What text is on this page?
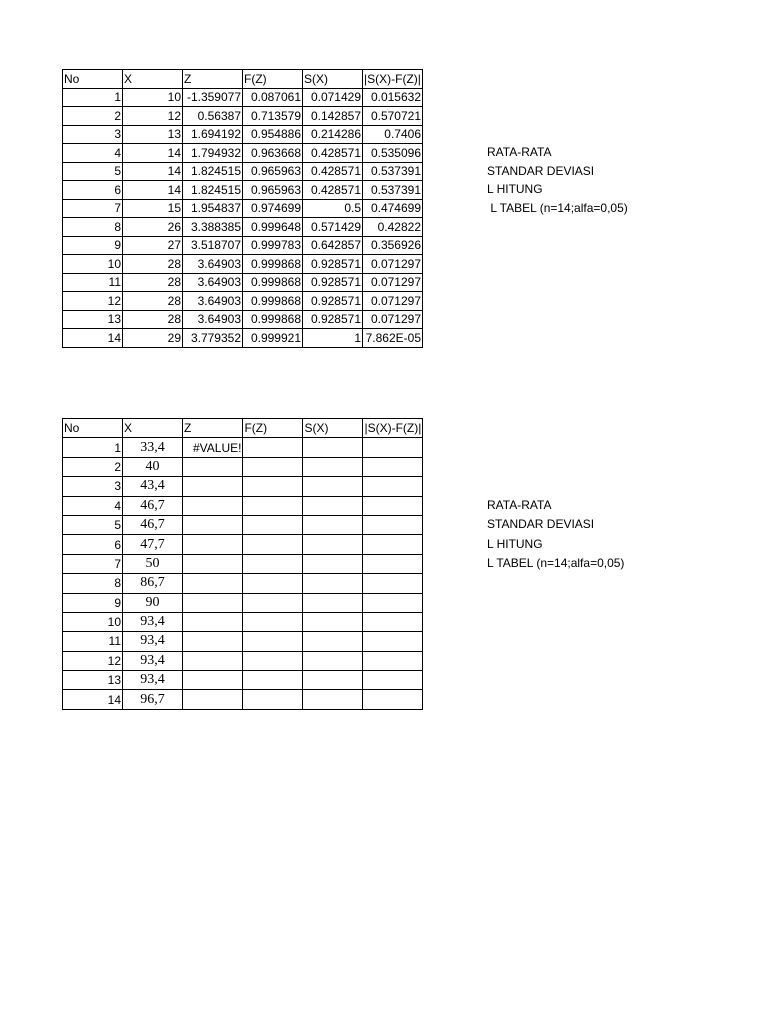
No	X	Z	F(Z)	S(X)	|S(X)-F(Z)|
1	10	-1.359077	0.087061	0.071429	0.015632
2	12	0.56387	0.713579	0.142857	0.570721
3	13	1.694192	0.954886	0.214286	0.7406
4	14	1.794932	0.963668	0.428571	0.535096
5	14	1.824515	0.965963	0.428571	0.537391
6	14	1.824515	0.965963	0.428571	0.537391
7	15	1.954837	0.974699	0.5	0.474699
8	26	3.388385	0.999648	0.571429	0.42822
9	27	3.518707	0.999783	0.642857	0.356926
10	28	3.64903	0.999868	0.928571	0.071297
11	28	3.64903	0.999868	0.928571	0.071297
12	28	3.64903	0.999868	0.928571	0.071297
13	28	3.64903	0.999868	0.928571	0.071297
14	29	3.779352	0.999921	1	7.862E-05
RATA-RATA
STANDAR DEVIASI
L HITUNG
L TABEL (n=14;alfa=0,05)
No	X	Z	F(Z)	S(X)	|S(X)-F(Z)|
1	33,4	#VALUE!			
2	40				
3	43,4				
4	46,7				
5	46,7				
6	47,7				
7	50				
8	86,7				
9	90				
10	93,4				
11	93,4				
12	93,4				
13	93,4				
14	96,7				
RATA-RATA
STANDAR DEVIASI
L HITUNG
L TABEL (n=14;alfa=0,05)
